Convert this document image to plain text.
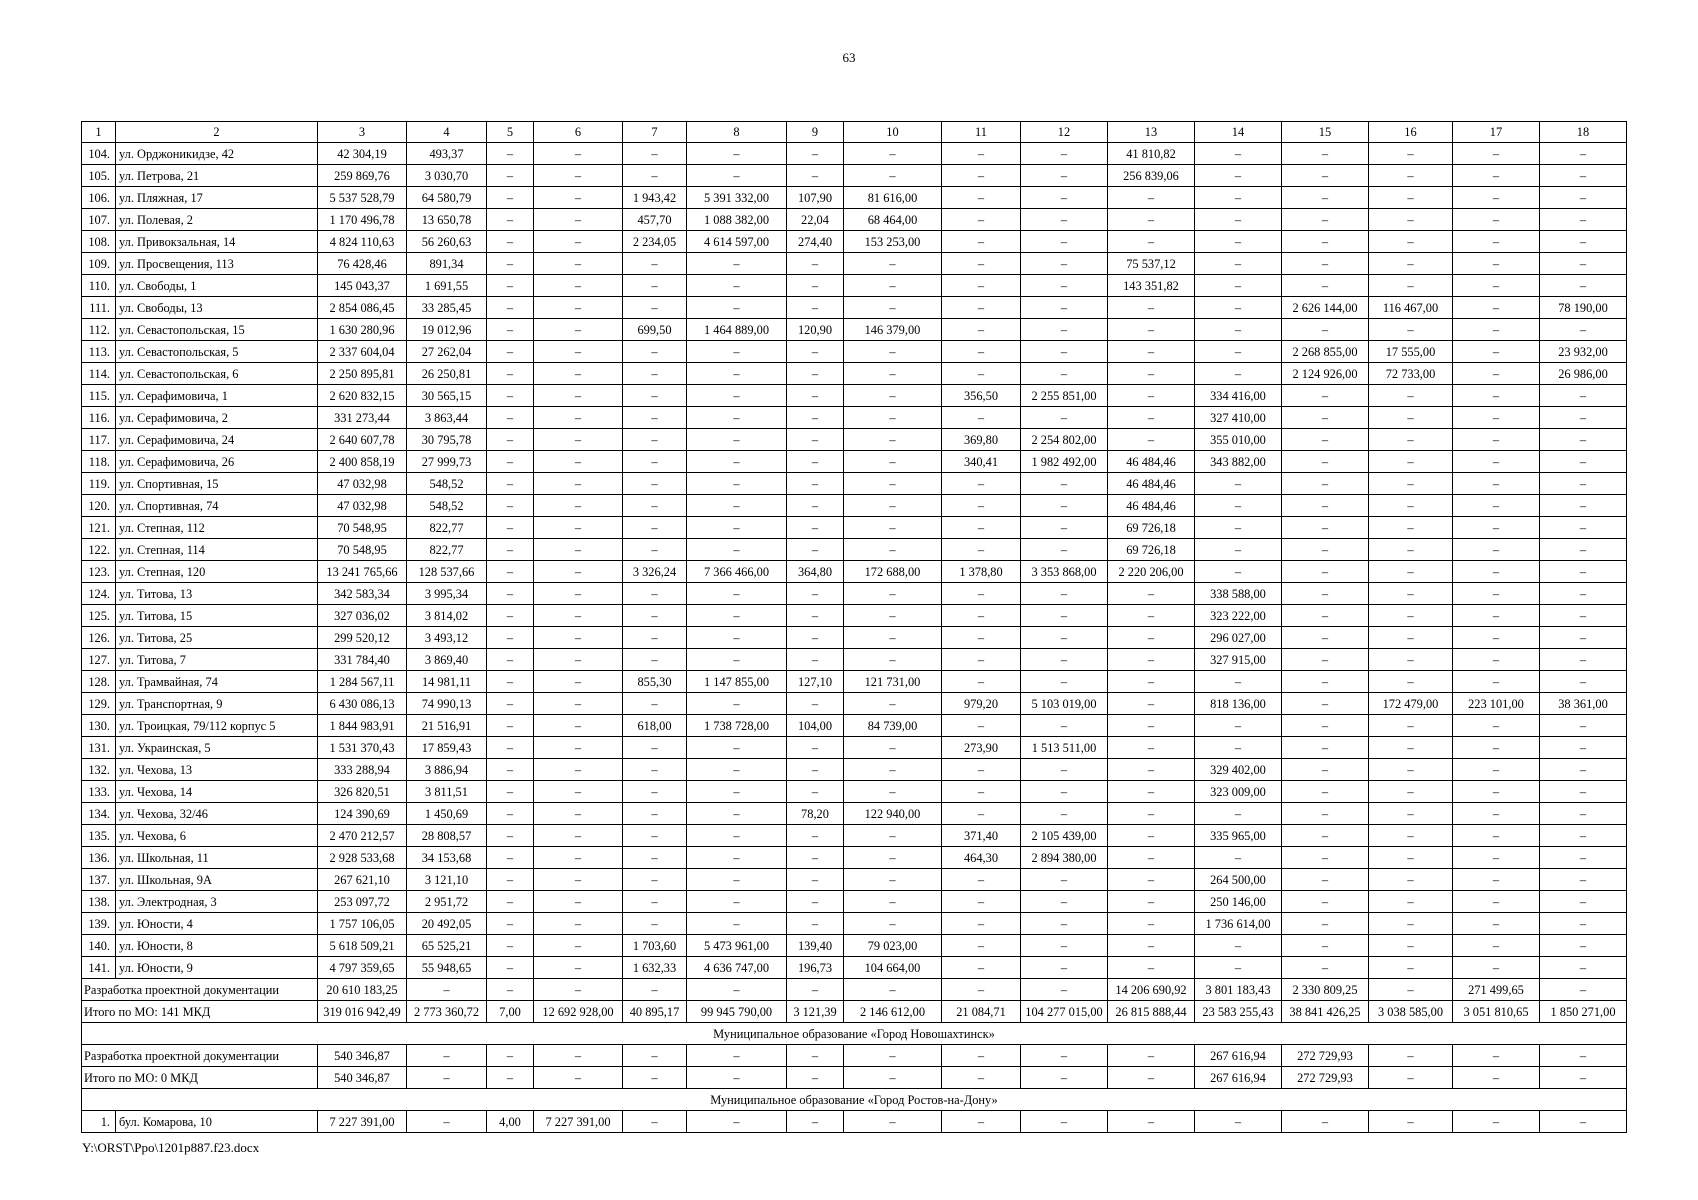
63
1	2	3	4	5	6	7	8	9	10	11	12	13	14	15	16	17	18
104.	ул. Орджоникидзе, 42	42 304,19	493,37	–	–	–	–	–	–	–	–	41 810,82	–	–	–	–	–
105.	ул. Петрова, 21	259 869,76	3 030,70	–	–	–	–	–	–	–	–	256 839,06	–	–	–	–	–
106.	ул. Пляжная, 17	5 537 528,79	64 580,79	–	–	1 943,42	5 391 332,00	107,90	81 616,00	–	–	–	–	–	–	–	–
107.	ул. Полевая, 2	1 170 496,78	13 650,78	–	–	457,70	1 088 382,00	22,04	68 464,00	–	–	–	–	–	–	–	–
108.	ул. Привокзальная, 14	4 824 110,63	56 260,63	–	–	2 234,05	4 614 597,00	274,40	153 253,00	–	–	–	–	–	–	–	–
109.	ул. Просвещения, 113	76 428,46	891,34	–	–	–	–	–	–	–	–	75 537,12	–	–	–	–	–
110.	ул. Свободы, 1	145 043,37	1 691,55	–	–	–	–	–	–	–	–	143 351,82	–	–	–	–	–
111.	ул. Свободы, 13	2 854 086,45	33 285,45	–	–	–	–	–	–	–	–	–	–	2 626 144,00	116 467,00	–	78 190,00
112.	ул. Севастопольская, 15	1 630 280,96	19 012,96	–	–	699,50	1 464 889,00	120,90	146 379,00	–	–	–	–	–	–	–	–
113.	ул. Севастопольская, 5	2 337 604,04	27 262,04	–	–	–	–	–	–	–	–	–	–	2 268 855,00	17 555,00	–	23 932,00
114.	ул. Севастопольская, 6	2 250 895,81	26 250,81	–	–	–	–	–	–	–	–	–	–	2 124 926,00	72 733,00	–	26 986,00
115.	ул. Серафимовича, 1	2 620 832,15	30 565,15	–	–	–	–	–	–	356,50	2 255 851,00	–	334 416,00	–	–	–	–
116.	ул. Серафимовича, 2	331 273,44	3 863,44	–	–	–	–	–	–	–	–	–	327 410,00	–	–	–	–
117.	ул. Серафимовича, 24	2 640 607,78	30 795,78	–	–	–	–	–	–	369,80	2 254 802,00	–	355 010,00	–	–	–	–
118.	ул. Серафимовича, 26	2 400 858,19	27 999,73	–	–	–	–	–	–	340,41	1 982 492,00	46 484,46	343 882,00	–	–	–	–
119.	ул. Спортивная, 15	47 032,98	548,52	–	–	–	–	–	–	–	–	46 484,46	–	–	–	–	–
120.	ул. Спортивная, 74	47 032,98	548,52	–	–	–	–	–	–	–	–	46 484,46	–	–	–	–	–
121.	ул. Степная, 112	70 548,95	822,77	–	–	–	–	–	–	–	–	69 726,18	–	–	–	–	–
122.	ул. Степная, 114	70 548,95	822,77	–	–	–	–	–	–	–	–	69 726,18	–	–	–	–	–
123.	ул. Степная, 120	13 241 765,66	128 537,66	–	–	3 326,24	7 366 466,00	364,80	172 688,00	1 378,80	3 353 868,00	2 220 206,00	–	–	–	–	–
124.	ул. Титова, 13	342 583,34	3 995,34	–	–	–	–	–	–	–	–	–	338 588,00	–	–	–	–
125.	ул. Титова, 15	327 036,02	3 814,02	–	–	–	–	–	–	–	–	–	323 222,00	–	–	–	–
126.	ул. Титова, 25	299 520,12	3 493,12	–	–	–	–	–	–	–	–	–	296 027,00	–	–	–	–
127.	ул. Титова, 7	331 784,40	3 869,40	–	–	–	–	–	–	–	–	–	327 915,00	–	–	–	–
128.	ул. Трамвайная, 74	1 284 567,11	14 981,11	–	–	855,30	1 147 855,00	127,10	121 731,00	–	–	–	–	–	–	–	–
129.	ул. Транспортная, 9	6 430 086,13	74 990,13	–	–	–	–	–	–	979,20	5 103 019,00	–	818 136,00	–	172 479,00	223 101,00	38 361,00
130.	ул. Троицкая, 79/112 корпус 5	1 844 983,91	21 516,91	–	–	618,00	1 738 728,00	104,00	84 739,00	–	–	–	–	–	–	–	–
131.	ул. Украинская, 5	1 531 370,43	17 859,43	–	–	–	–	–	–	273,90	1 513 511,00	–	–	–	–	–	–
132.	ул. Чехова, 13	333 288,94	3 886,94	–	–	–	–	–	–	–	–	–	329 402,00	–	–	–	–
133.	ул. Чехова, 14	326 820,51	3 811,51	–	–	–	–	–	–	–	–	–	323 009,00	–	–	–	–
134.	ул. Чехова, 32/46	124 390,69	1 450,69	–	–	–	–	78,20	122 940,00	–	–	–	–	–	–	–	–
135.	ул. Чехова, 6	2 470 212,57	28 808,57	–	–	–	–	–	–	371,40	2 105 439,00	–	335 965,00	–	–	–	–
136.	ул. Школьная, 11	2 928 533,68	34 153,68	–	–	–	–	–	–	464,30	2 894 380,00	–	–	–	–	–	–
137.	ул. Школьная, 9А	267 621,10	3 121,10	–	–	–	–	–	–	–	–	–	264 500,00	–	–	–	–
138.	ул. Электродная, 3	253 097,72	2 951,72	–	–	–	–	–	–	–	–	–	250 146,00	–	–	–	–
139.	ул. Юности, 4	1 757 106,05	20 492,05	–	–	–	–	–	–	–	–	–	1 736 614,00	–	–	–	–
140.	ул. Юности, 8	5 618 509,21	65 525,21	–	–	1 703,60	5 473 961,00	139,40	79 023,00	–	–	–	–	–	–	–	–
141.	ул. Юности, 9	4 797 359,65	55 948,65	–	–	1 632,33	4 636 747,00	196,73	104 664,00	–	–	–	–	–	–	–	–
Разработка проектной документации		20 610 183,25	–	–	–	–	–	–	–	–	–	14 206 690,92	3 801 183,43	2 330 809,25	–	271 499,65	–
Итого по МО: 141 МКД		319 016 942,49	2 773 360,72	7,00	12 692 928,00	40 895,17	99 945 790,00	3 121,39	2 146 612,00	21 084,71	104 277 015,00	26 815 888,44	23 583 255,43	38 841 426,25	3 038 585,00	3 051 810,65	1 850 271,00
Муниципальное образование «Город Новошахтинск»																	
Разработка проектной документации		540 346,87	–	–	–	–	–	–	–	–	–	–	267 616,94	272 729,93	–	–	–
Итого по МО: 0 МКД		540 346,87	–	–	–	–	–	–	–	–	–	–	267 616,94	272 729,93	–	–	–
Муниципальное образование «Город Ростов-на-Дону»																	
1.	бул. Комарова, 10	7 227 391,00	–	4,00	7 227 391,00	–	–	–	–	–	–	–	–	–	–	–	–
Y:\ORST\Ppo\1201p887.f23.docx
